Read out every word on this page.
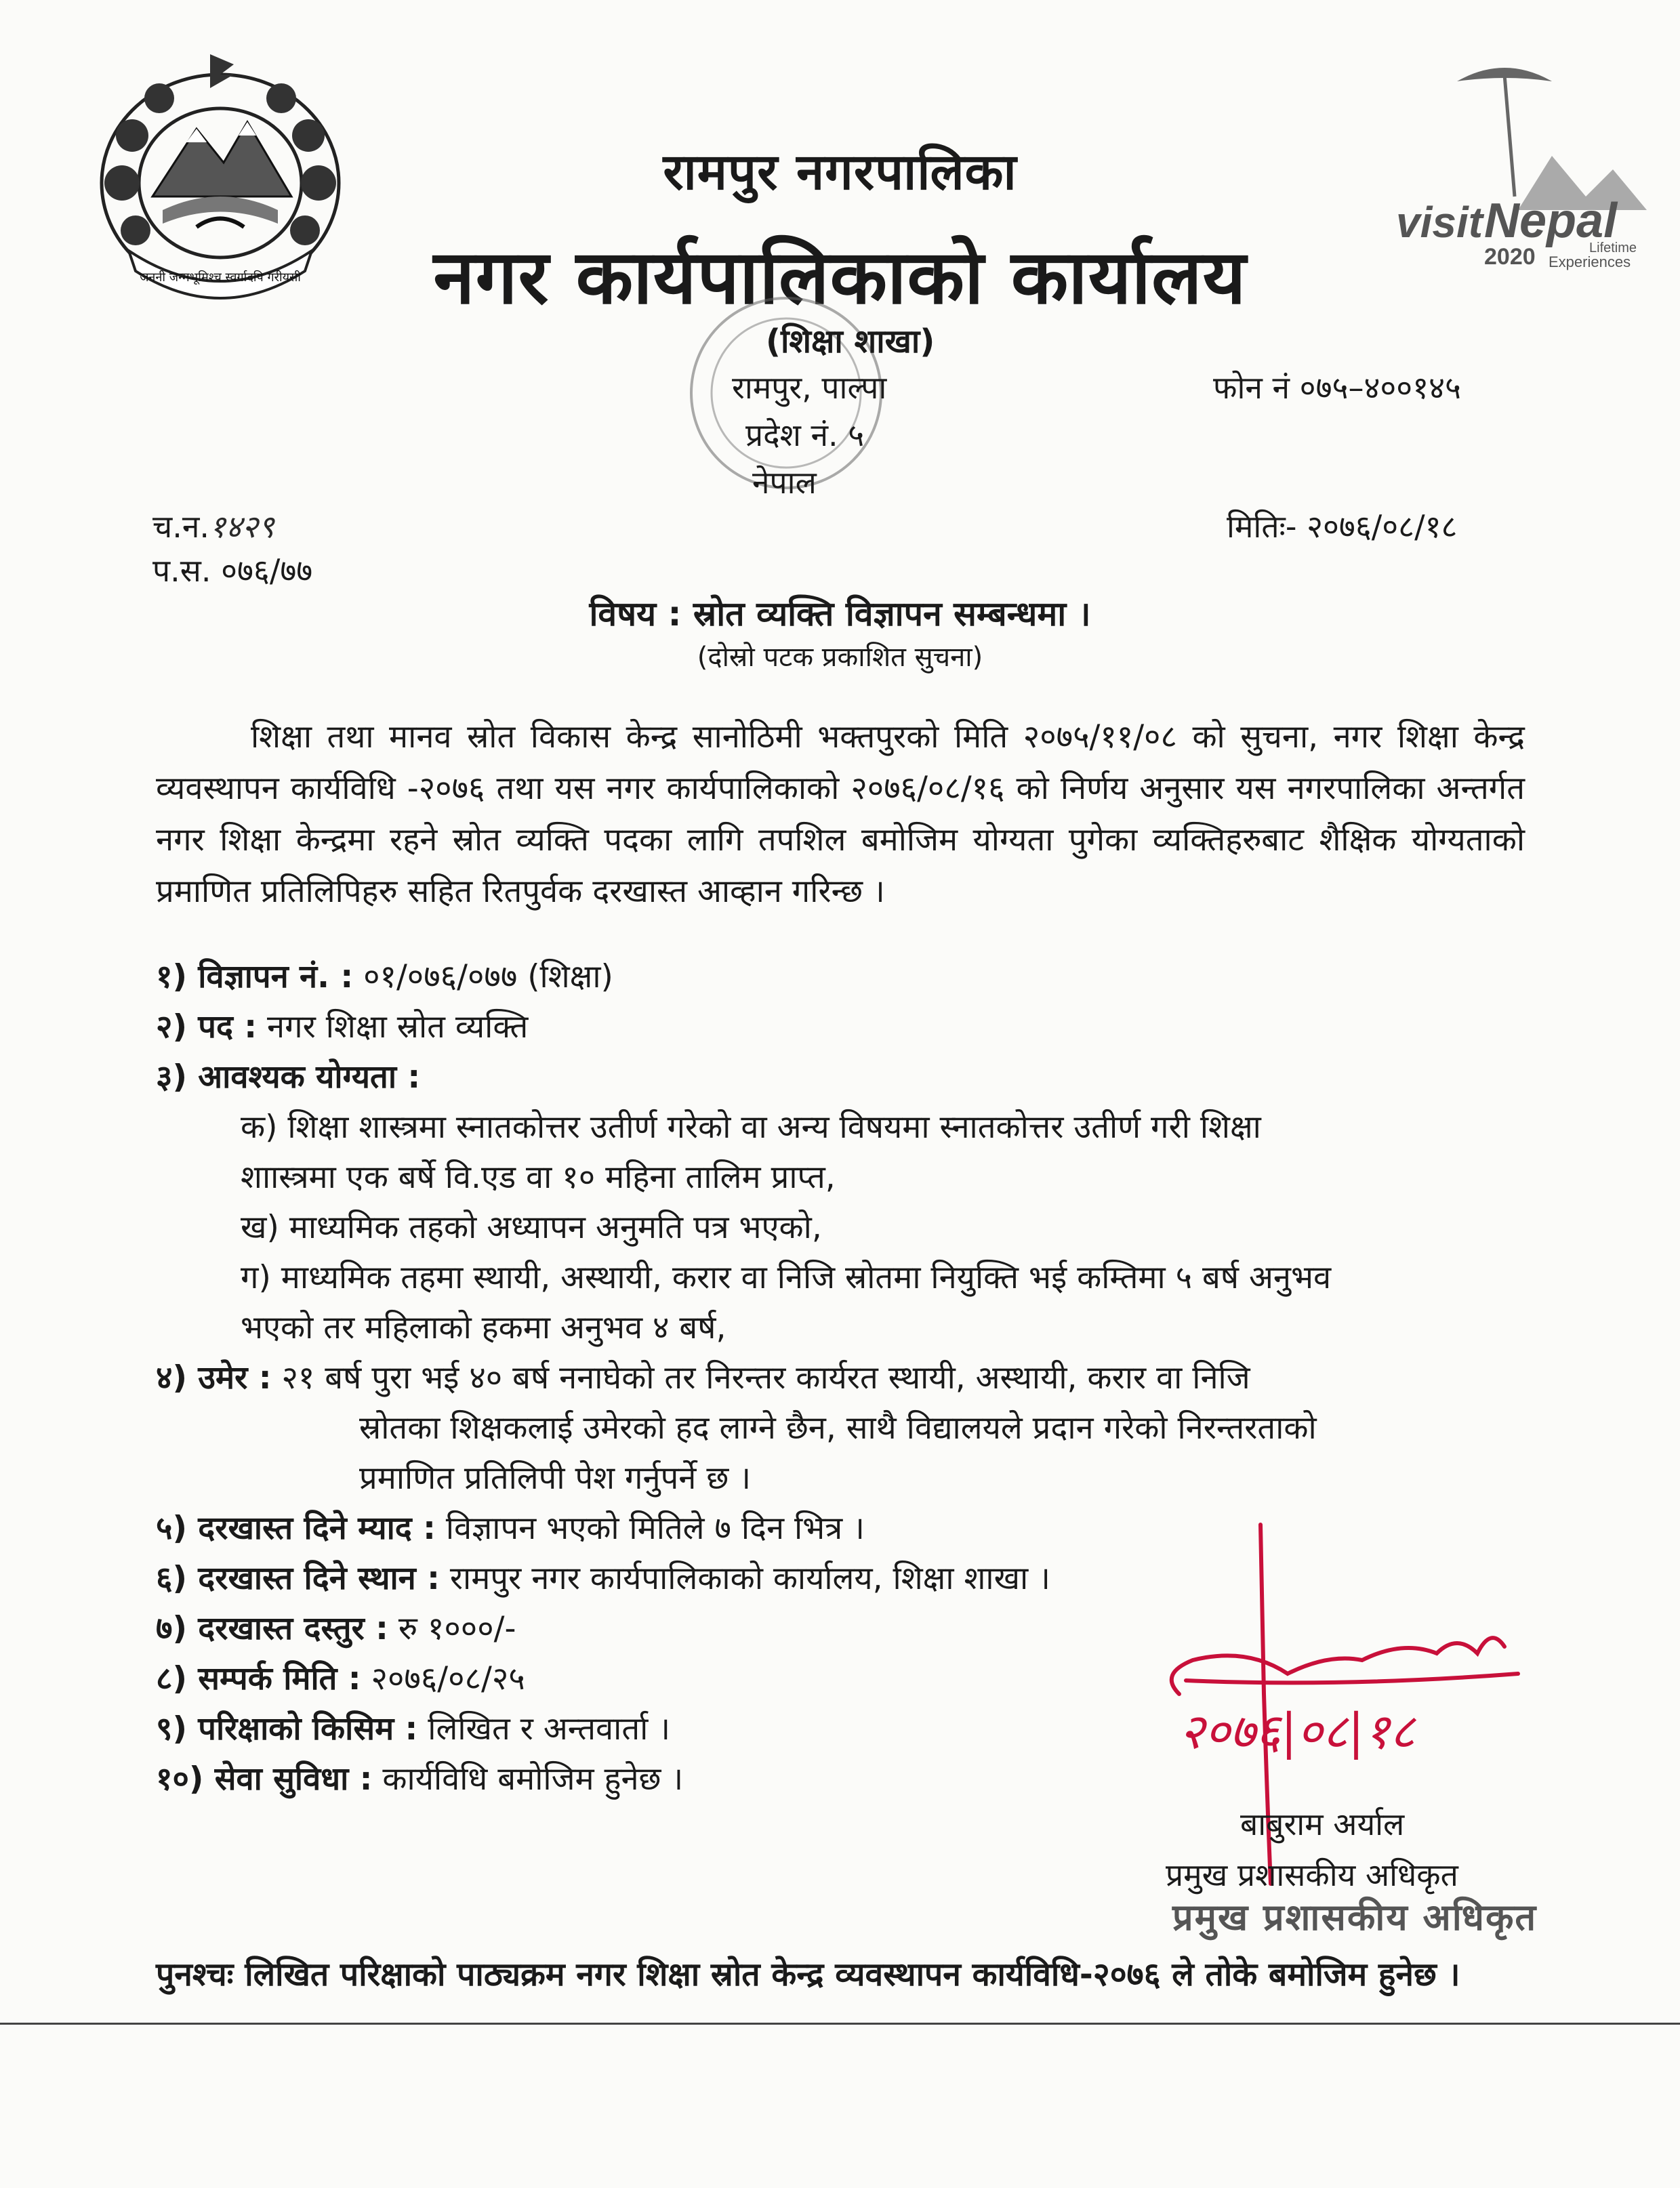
जननी जन्मभूमिश्च स्वर्गादपि गरीयसी
visit Nepal
2020	Lifetime
Experiences
रामपुर नगरपालिका
नगर कार्यपालिकाको कार्यालय
(शिक्षा शाखा)
रामपुर, पाल्पा
प्रदेश नं. ५
नेपाल
फोन नं ०७५–४००१४५
च.न.१४२९
प.स. ०७६/७७
मितिः- २०७६/०८/१८
विषय : स्रोत व्यक्ति विज्ञापन सम्बन्धमा ।
(दोस्रो पटक प्रकाशित सुचना)
शिक्षा तथा मानव स्रोत विकास केन्द्र सानोठिमी भक्तपुरको मिति २०७५/११/०८ को सुचना, नगर शिक्षा केन्द्र व्यवस्थापन कार्यविधि -२०७६ तथा यस नगर कार्यपालिकाको २०७६/०८/१६ को निर्णय अनुसार यस नगरपालिका अन्तर्गत नगर शिक्षा केन्द्रमा रहने स्रोत व्यक्ति पदका लागि तपशिल बमोजिम योग्यता पुगेका व्यक्तिहरुबाट शैक्षिक योग्यताको प्रमाणित प्रतिलिपिहरु सहित रितपुर्वक दरखास्त आव्हान गरिन्छ ।
१) विज्ञापन नं. : ०१/०७६/०७७ (शिक्षा)
२) पद : नगर शिक्षा स्रोत व्यक्ति
३) आवश्यक योग्यता :
क) शिक्षा शास्त्रमा स्नातकोत्तर उतीर्ण गरेको वा अन्य विषयमा स्नातकोत्तर उतीर्ण गरी शिक्षा
शाास्त्रमा एक बर्षे वि.एड वा १० महिना तालिम प्राप्त,
ख) माध्यमिक तहको अध्यापन अनुमति पत्र भएको,
ग) माध्यमिक तहमा स्थायी, अस्थायी, करार वा निजि स्रोतमा नियुक्ति भई कम्तिमा ५ बर्ष अनुभव
भएको तर महिलाको हकमा अनुभव ४ बर्ष,
४) उमेर : २१ बर्ष पुरा भई ४० बर्ष ननाघेको तर निरन्तर कार्यरत स्थायी, अस्थायी, करार वा निजि
स्रोतका शिक्षकलाई उमेरको हद लाग्ने छैन, साथै विद्यालयले प्रदान गरेको निरन्तरताको
प्रमाणित प्रतिलिपी पेश गर्नुपर्ने छ ।
५) दरखास्त दिने म्याद : विज्ञापन भएको मितिले ७ दिन भित्र ।
६) दरखास्त दिने स्थान : रामपुर नगर कार्यपालिकाको कार्यालय, शिक्षा शाखा ।
७) दरखास्त दस्तुर : रु १०००/-
८) सम्पर्क मिति : २०७६/०८/२५
९) परिक्षाको किसिम : लिखित र अन्तवार्ता ।
१०) सेवा सुविधा : कार्यविधि बमोजिम हुनेछ ।
२०७६|०८|१८
बाबुराम अर्याल
प्रमुख प्रशासकीय अधिकृत
प्रमुख प्रशासकीय अधिकृत
पुनश्चः लिखित परिक्षाको पाठ्यक्रम नगर शिक्षा स्रोत केन्द्र व्यवस्थापन कार्यविधि-२०७६ ले तोके बमोजिम हुनेछ ।
